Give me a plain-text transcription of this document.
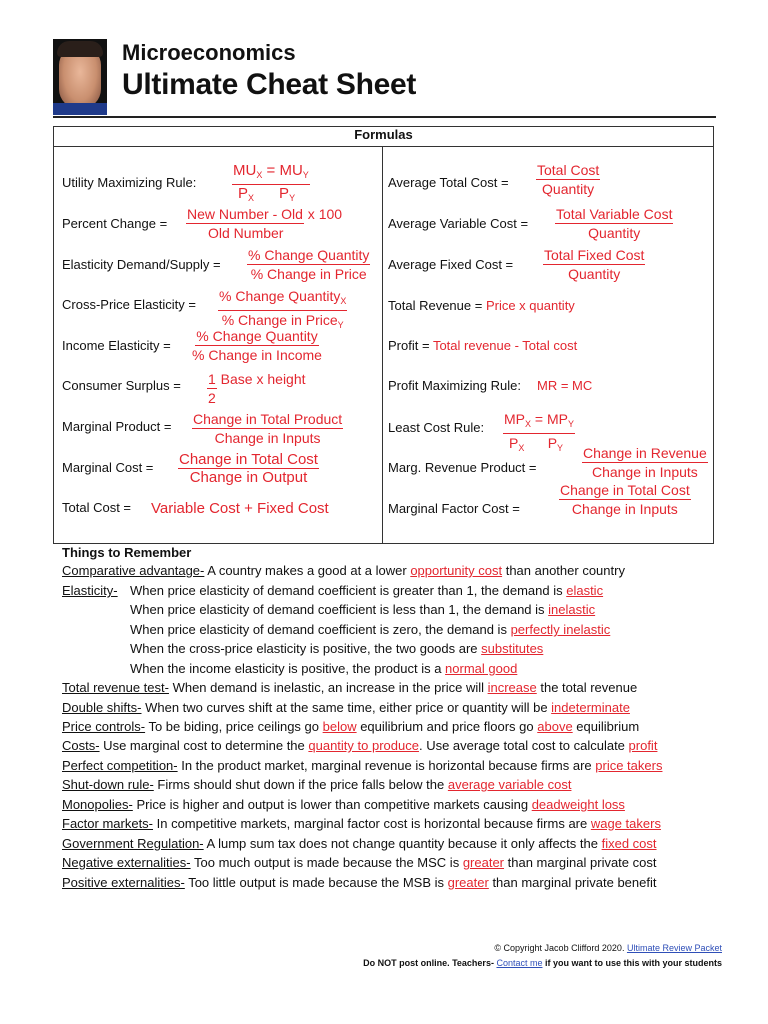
Microeconomics
Ultimate Cheat Sheet
Formulas
Utility Maximizing Rule:
$MU_X = MU_Y$
$P_X$ $P_Y$
Percent Change =
New Number - Old x 100
Old Number
Elasticity Demand/Supply =
% Change Quantity
% Change in Price
Cross-Price Elasticity =
% Change Quantity$_X$
% Change in Price$_Y$
Income Elasticity =
% Change Quantity
% Change in Income
Consumer Surplus = 1 Base x height
2
Marginal Product = Change in Total Product
Change in Inputs
Marginal Cost = Change in Total Cost
Change in Output
Total Cost = Variable Cost + Fixed Cost
Average Total Cost =
Total Cost
Quantity
Average Variable Cost =
Total Variable Cost
Quantity
Average Fixed Cost =
Total Fixed Cost
Quantity
Total Revenue = Price x quantity
Profit = Total revenue - Total cost
Profit Maximizing Rule: MR = MC
Least Cost Rule:
$MP_X = MP_Y$
$P_X$ $P_Y$
Marg. Revenue Product =
Change in Revenue
Change in Inputs
Marginal Factor Cost =
Change in Total Cost
Change in Inputs
Things to Remember
Comparative advantage- A country makes a good at a lower opportunity cost than another country
Elasticity- When price elasticity of demand coefficient is greater than 1, the demand is elastic
When price elasticity of demand coefficient is less than 1, the demand is inelastic
When price elasticity of demand coefficient is zero, the demand is perfectly inelastic
When the cross-price elasticity is positive, the two goods are substitutes
When the income elasticity is positive, the product is a normal good
Total revenue test- When demand is inelastic, an increase in the price will increase the total revenue
Double shifts- When two curves shift at the same time, either price or quantity will be indeterminate
Price controls- To be biding, price ceilings go below equilibrium and price floors go above equilibrium
Costs- Use marginal cost to determine the quantity to produce. Use average total cost to calculate profit
Perfect competition- In the product market, marginal revenue is horizontal because firms are price takers
Shut-down rule- Firms should shut down if the price falls below the average variable cost
Monopolies- Price is higher and output is lower than competitive markets causing deadweight loss
Factor markets- In competitive markets, marginal factor cost is horizontal because firms are wage takers
Government Regulation- A lump sum tax does not change quantity because it only affects the fixed cost
Negative externalities- Too much output is made because the MSC is greater than marginal private cost
Positive externalities- Too little output is made because the MSB is greater than marginal private benefit
© Copyright Jacob Clifford 2020. Ultimate Review Packet
Do NOT post online. Teachers- Contact me if you want to use this with your students
